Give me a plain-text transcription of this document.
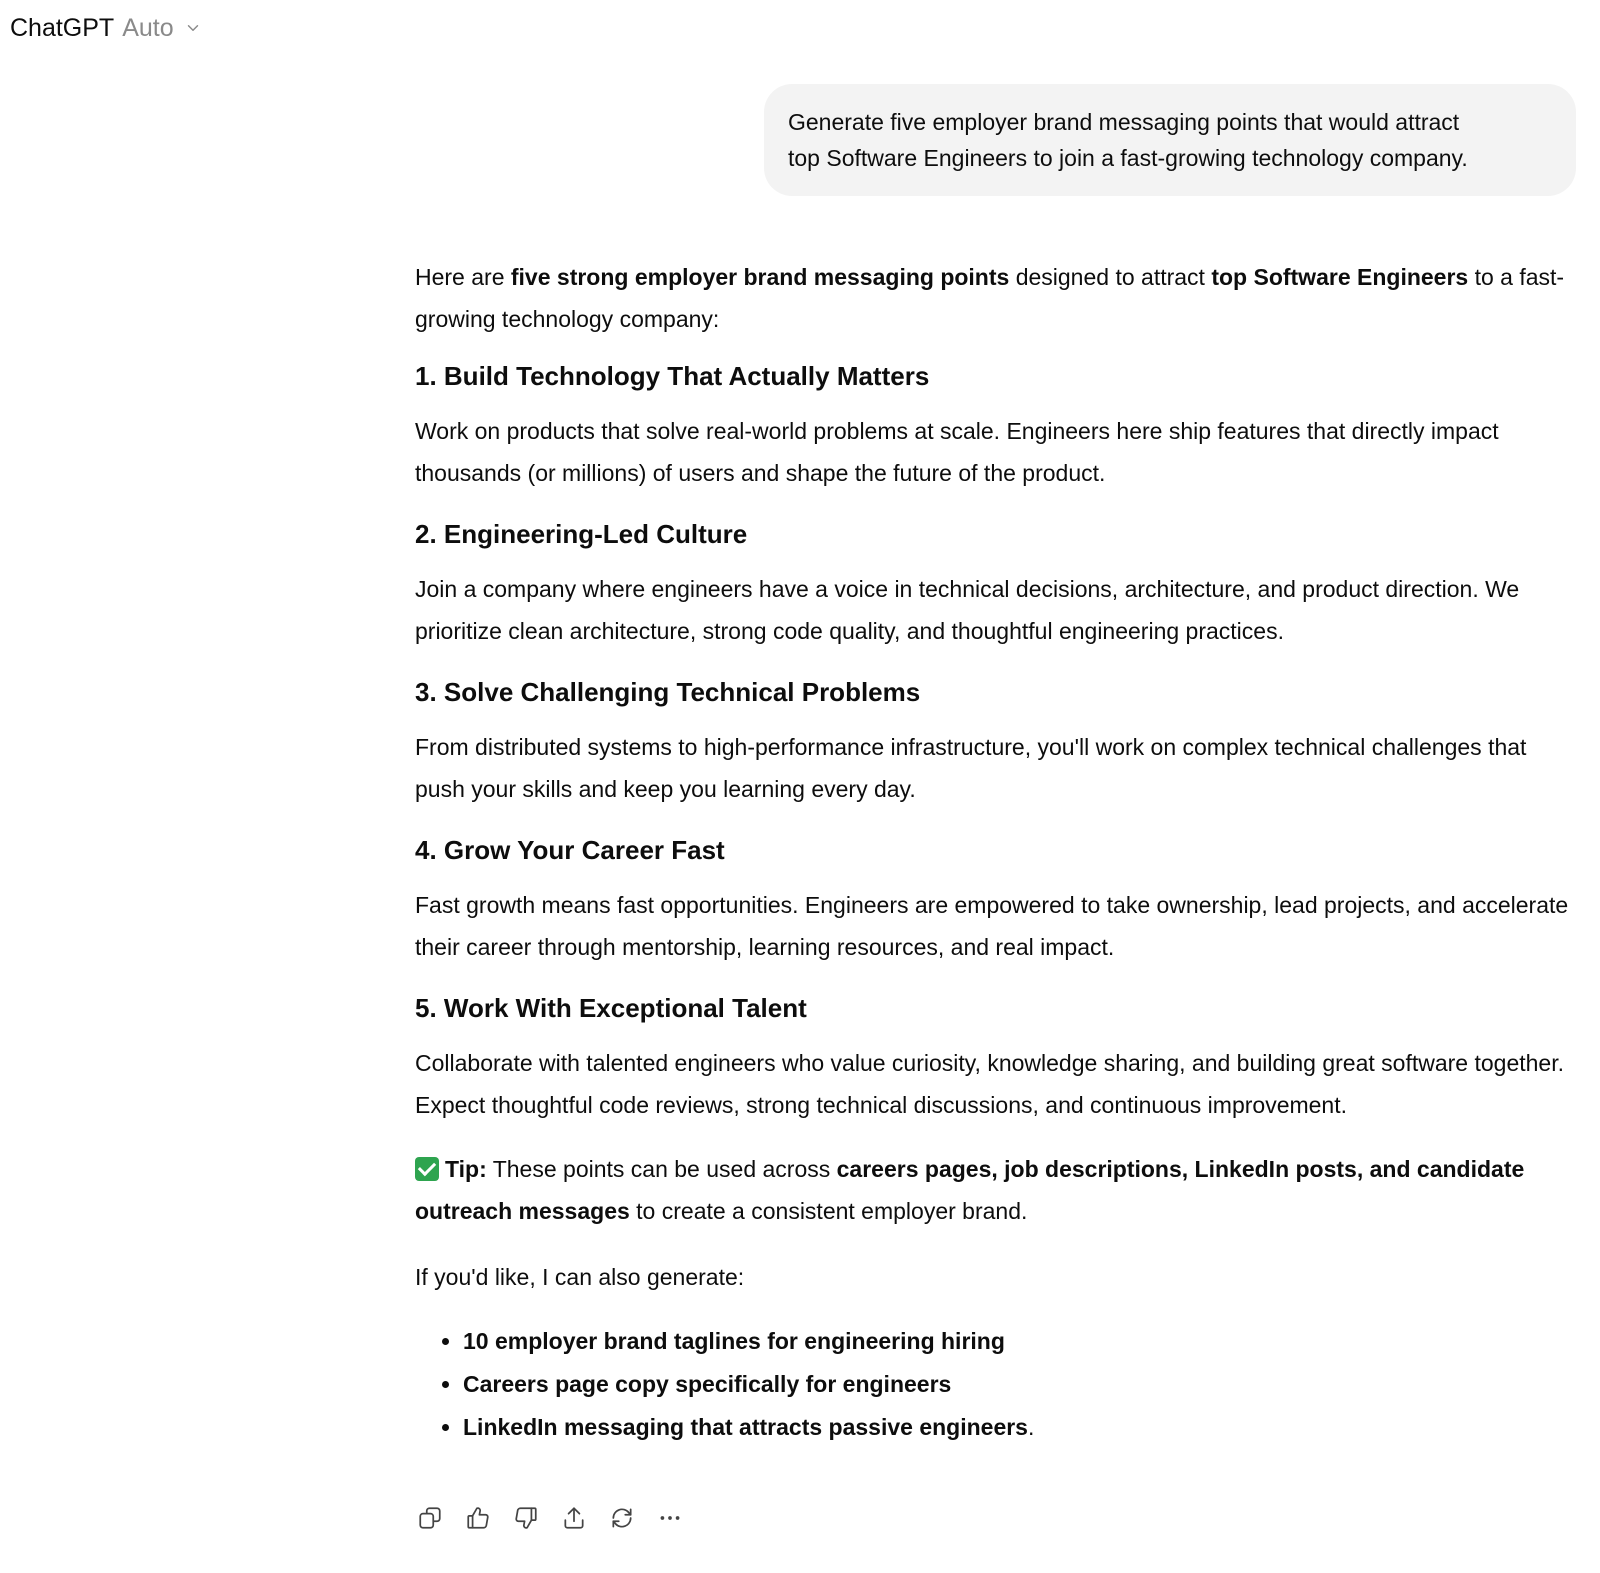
ChatGPT Auto
Generate five employer brand messaging points that would attract
top Software Engineers to join a fast-growing technology company.

Here are five strong employer brand messaging points designed to attract top Software Engineers to a fast-growing technology company:

1. Build Technology That Actually Matters

Work on products that solve real-world problems at scale. Engineers here ship features that directly impact thousands (or millions) of users and shape the future of the product.

2. Engineering-Led Culture

Join a company where engineers have a voice in technical decisions, architecture, and product direction. We prioritize clean architecture, strong code quality, and thoughtful engineering practices.

3. Solve Challenging Technical Problems

From distributed systems to high-performance infrastructure, you'll work on complex technical challenges that push your skills and keep you learning every day.

4. Grow Your Career Fast

Fast growth means fast opportunities. Engineers are empowered to take ownership, lead projects, and accelerate their career through mentorship, learning resources, and real impact.

5. Work With Exceptional Talent

Collaborate with talented engineers who value curiosity, knowledge sharing, and building great software together. Expect thoughtful code reviews, strong technical discussions, and continuous improvement.

Tip: These points can be used across careers pages, job descriptions, LinkedIn posts, and candidate outreach messages to create a consistent employer brand.

If you'd like, I can also generate:

• 10 employer brand taglines for engineering hiring
• Careers page copy specifically for engineers
• LinkedIn messaging that attracts passive engineers.
